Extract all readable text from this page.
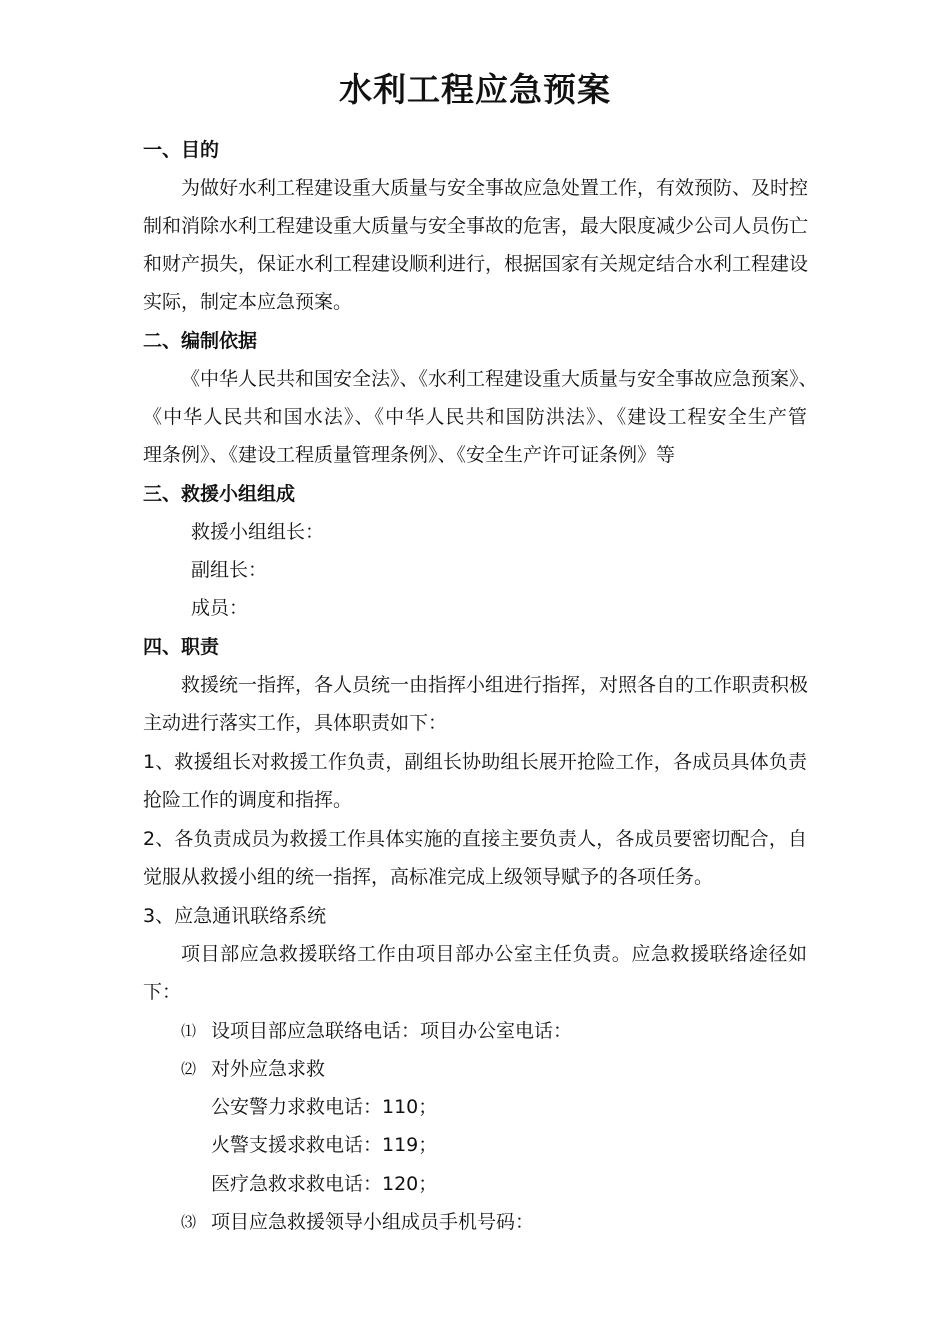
水利工程应急预案
一、目的
为做好水利工程建设重大质量与安全事故应急处置工作，有效预防、及时控
制和消除水利工程建设重大质量与安全事故的危害，最大限度减少公司人员伤亡
和财产损失，保证水利工程建设顺利进行，根据国家有关规定结合水利工程建设
实际，制定本应急预案。
二、编制依据
《中华人民共和国安全法》、《水利工程建设重大质量与安全事故应急预案》、
《中华人民共和国水法》、《中华人民共和国防洪法》、《建设工程安全生产管
理条例》、《建设工程质量管理条例》、《安全生产许可证条例》等
三、救援小组组成
救援小组组长：
副组长：
成员：
四、职责
救援统一指挥，各人员统一由指挥小组进行指挥，对照各自的工作职责积极
主动进行落实工作，具体职责如下：
1、救援组长对救援工作负责，副组长协助组长展开抢险工作，各成员具体负责
抢险工作的调度和指挥。
2、各负责成员为救援工作具体实施的直接主要负责人，各成员要密切配合，自
觉服从救援小组的统一指挥，高标准完成上级领导赋予的各项任务。
3、应急通讯联络系统
项目部应急救援联络工作由项目部办公室主任负责。应急救援联络途径如
下：
⑴ 设项目部应急联络电话：项目办公室电话：
⑵ 对外应急求救
公安警力求救电话：110；
火警支援求救电话：119；
医疗急救求救电话：120；
⑶ 项目应急救援领导小组成员手机号码：
